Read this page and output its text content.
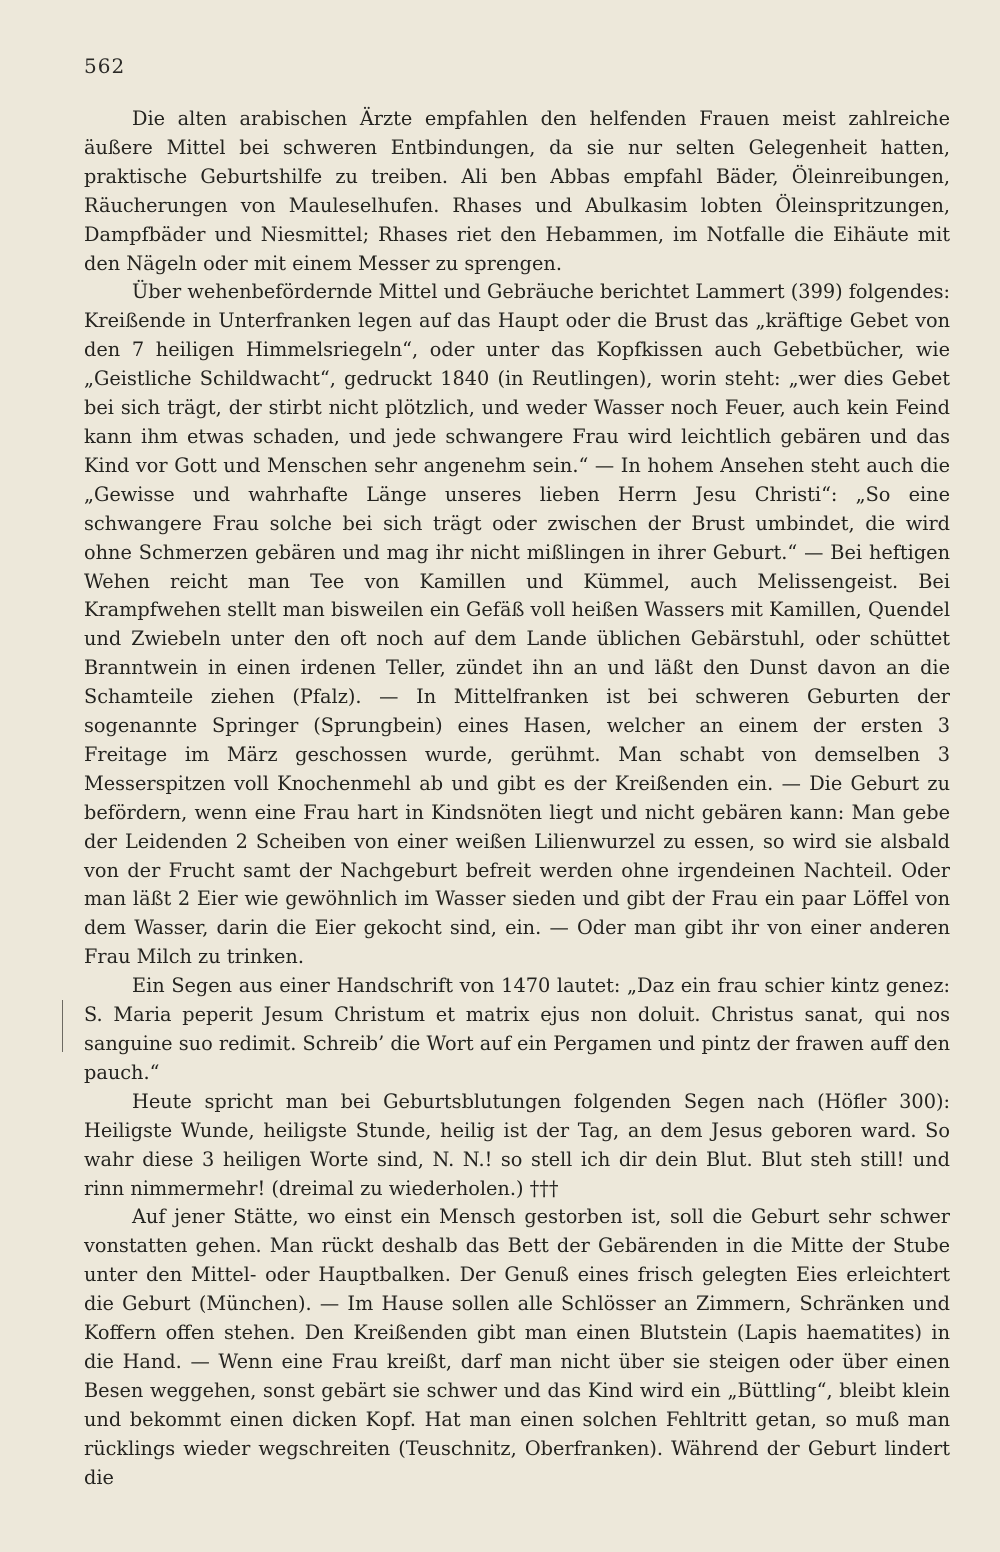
562

Die alten arabischen Ärzte empfahlen den helfenden Frauen meist zahlreiche äußere Mittel bei schweren Entbindungen, da sie nur selten Gelegenheit hatten, praktische Geburtshilfe zu treiben. Ali ben Abbas empfahl Bäder, Öleinreibungen, Räucherungen von Mauleselhufen. Rhases und Abulkasim lobten Öleinspritzungen, Dampfbäder und Niesmittel; Rhases riet den Hebammen, im Notfalle die Eihäute mit den Nägeln oder mit einem Messer zu sprengen.

Über wehenbefördernde Mittel und Gebräuche berichtet Lammert (399) folgendes: Kreißende in Unterfranken legen auf das Haupt oder die Brust das „kräftige Gebet von den 7 heiligen Himmelsriegeln“, oder unter das Kopfkissen auch Gebetbücher, wie „Geistliche Schildwacht“, gedruckt 1840 (in Reutlingen), worin steht: „wer dies Gebet bei sich trägt, der stirbt nicht plötzlich, und weder Wasser noch Feuer, auch kein Feind kann ihm etwas schaden, und jede schwangere Frau wird leichtlich gebären und das Kind vor Gott und Menschen sehr angenehm sein.“ — In hohem Ansehen steht auch die „Gewisse und wahrhafte Länge unseres lieben Herrn Jesu Christi“: „So eine schwangere Frau solche bei sich trägt oder zwischen der Brust umbindet, die wird ohne Schmerzen gebären und mag ihr nicht mißlingen in ihrer Geburt.“ — Bei heftigen Wehen reicht man Tee von Kamillen und Kümmel, auch Melissengeist. Bei Krampfwehen stellt man bisweilen ein Gefäß voll heißen Wassers mit Kamillen, Quendel und Zwiebeln unter den oft noch auf dem Lande üblichen Gebärstuhl, oder schüttet Branntwein in einen irdenen Teller, zündet ihn an und läßt den Dunst davon an die Schamteile ziehen (Pfalz). — In Mittelfranken ist bei schweren Geburten der sogenannte Springer (Sprungbein) eines Hasen, welcher an einem der ersten 3 Freitage im März geschossen wurde, gerühmt. Man schabt von demselben 3 Messerspitzen voll Knochenmehl ab und gibt es der Kreißenden ein. — Die Geburt zu befördern, wenn eine Frau hart in Kindsnöten liegt und nicht gebären kann: Man gebe der Leidenden 2 Scheiben von einer weißen Lilienwurzel zu essen, so wird sie alsbald von der Frucht samt der Nachgeburt befreit werden ohne irgendeinen Nachteil. Oder man läßt 2 Eier wie gewöhnlich im Wasser sieden und gibt der Frau ein paar Löffel von dem Wasser, darin die Eier gekocht sind, ein. — Oder man gibt ihr von einer anderen Frau Milch zu trinken.

Ein Segen aus einer Handschrift von 1470 lautet: „Daz ein frau schier kintz genez: S. Maria peperit Jesum Christum et matrix ejus non doluit. Christus sanat, qui nos sanguine suo redimit. Schreib’ die Wort auf ein Pergamen und pintz der frawen auff den pauch.“

Heute spricht man bei Geburtsblutungen folgenden Segen nach (Höfler 300): Heiligste Wunde, heiligste Stunde, heilig ist der Tag, an dem Jesus geboren ward. So wahr diese 3 heiligen Worte sind, N. N.! so stell ich dir dein Blut. Blut steh still! und rinn nimmermehr! (dreimal zu wiederholen.) †††

Auf jener Stätte, wo einst ein Mensch gestorben ist, soll die Geburt sehr schwer vonstatten gehen. Man rückt deshalb das Bett der Gebärenden in die Mitte der Stube unter den Mittel- oder Hauptbalken. Der Genuß eines frisch gelegten Eies erleichtert die Geburt (München). — Im Hause sollen alle Schlösser an Zimmern, Schränken und Koffern offen stehen. Den Kreißenden gibt man einen Blutstein (Lapis haematites) in die Hand. — Wenn eine Frau kreißt, darf man nicht über sie steigen oder über einen Besen weggehen, sonst gebärt sie schwer und das Kind wird ein „Büttling“, bleibt klein und bekommt einen dicken Kopf. Hat man einen solchen Fehltritt getan, so muß man rücklings wieder wegschreiten (Teuschnitz, Oberfranken). Während der Geburt lindert die
